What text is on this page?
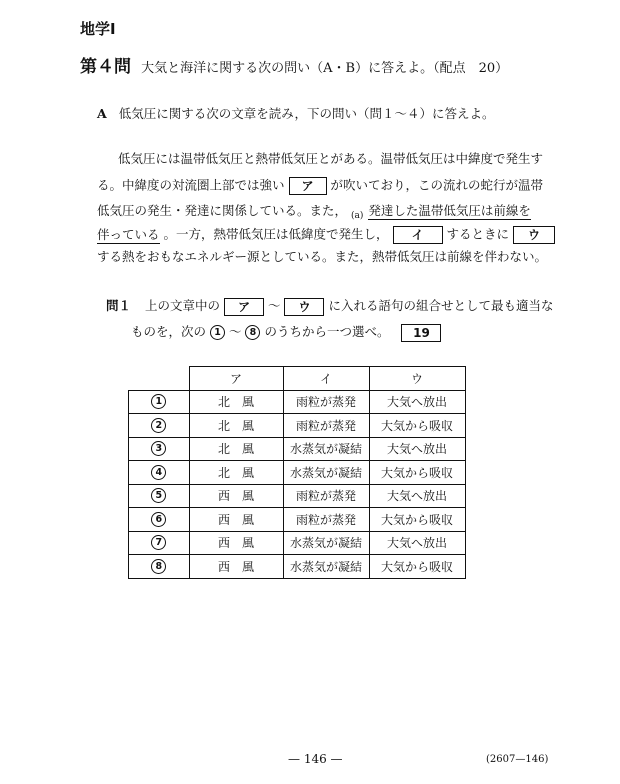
地学Ⅰ
第４問 大気と海洋に関する次の問い（A・B）に答えよ。（配点　20）
A 低気圧に関する次の文章を読み，下の問い（問１～４）に答えよ。
低気圧には温帯低気圧と熱帯低気圧とがある。温帯低気圧は中緯度で発生す
る。中緯度の対流圏上部では強い ア が吹いており，この流れの蛇行が温帯
低気圧の発生・発達に関係している。また， $_{(a)}$ 発達した温帯低気圧は前線を
伴っている 。一方，熱帯低気圧は低緯度で発生し， イ するときに ウ
する熱をおもなエネルギー源としている。また，熱帯低気圧は前線を伴わない。
問１ 上の文章中の ア ～ ウ に入れる語句の組合せとして最も適当な
ものを，次の 1 ～ 8 のうちから一つ選べ。 19
	ア	イ	ウ
1	北　風	雨粒が蒸発	大気へ放出
2	北　風	雨粒が蒸発	大気から吸収
3	北　風	水蒸気が凝結	大気へ放出
4	北　風	水蒸気が凝結	大気から吸収
5	西　風	雨粒が蒸発	大気へ放出
6	西　風	雨粒が蒸発	大気から吸収
7	西　風	水蒸気が凝結	大気へ放出
8	西　風	水蒸気が凝結	大気から吸収
— 146 —	(2607—146)
